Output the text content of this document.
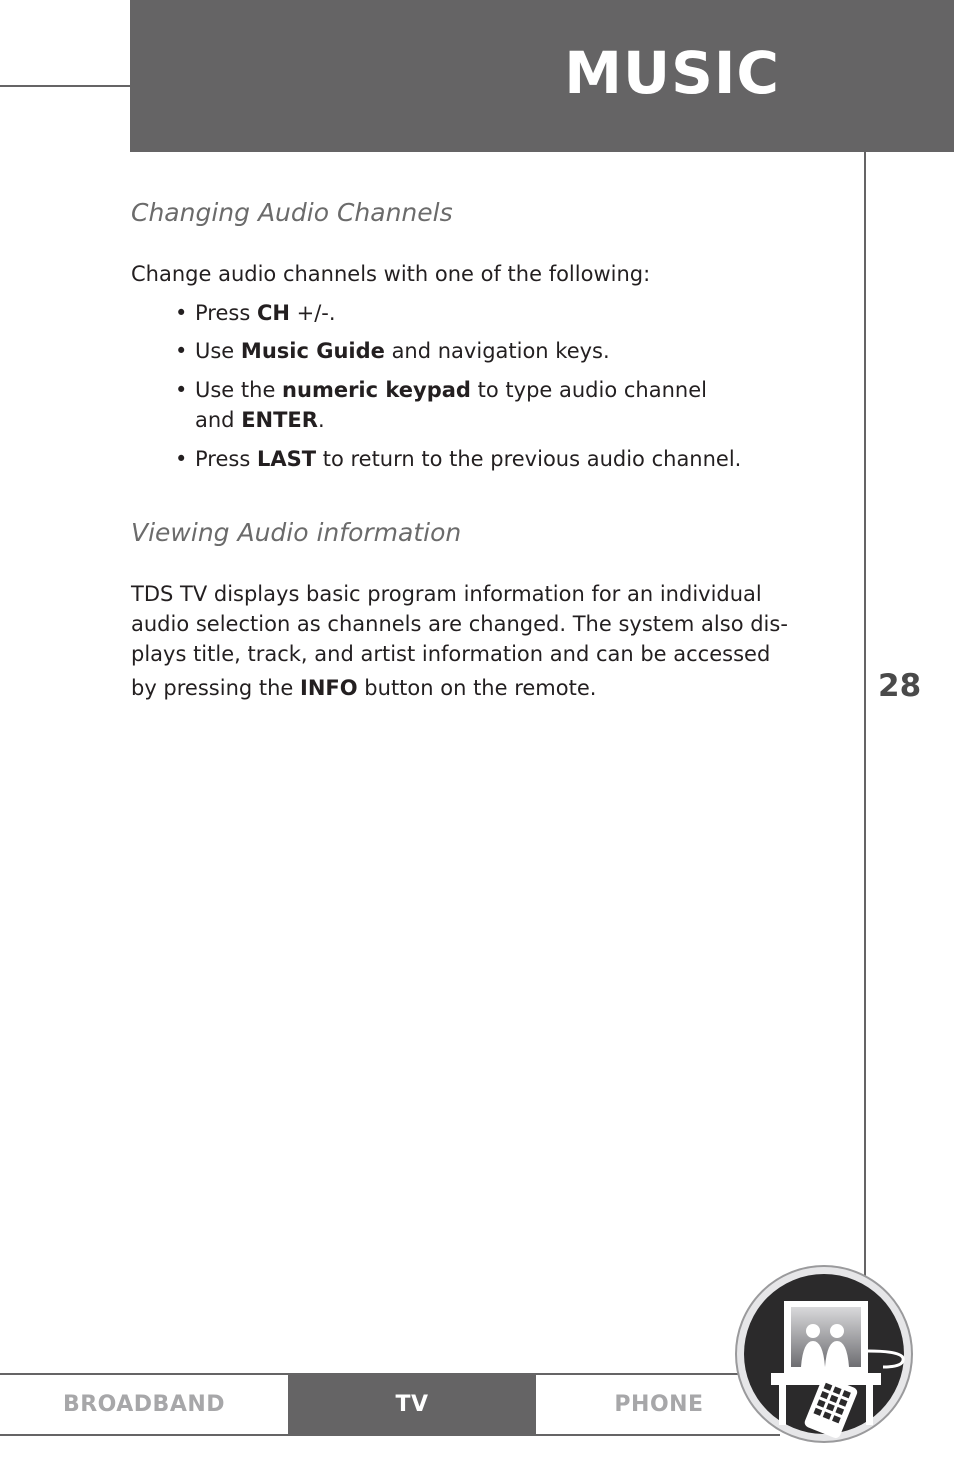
MUSIC
28
Changing Audio Channels
Change audio channels with one of the following:
• Press CH +/-.
• Use Music Guide and navigation keys.
• Use the numeric keypad to type audio channel
and ENTER.
• Press LAST to return to the previous audio channel.
Viewing Audio information
TDS TV displays basic program information for an individual
audio selection as channels are changed. The system also dis-
plays title, track, and artist information and can be accessed
by pressing the INFO button on the remote.
BROADBAND	TV	PHONE
